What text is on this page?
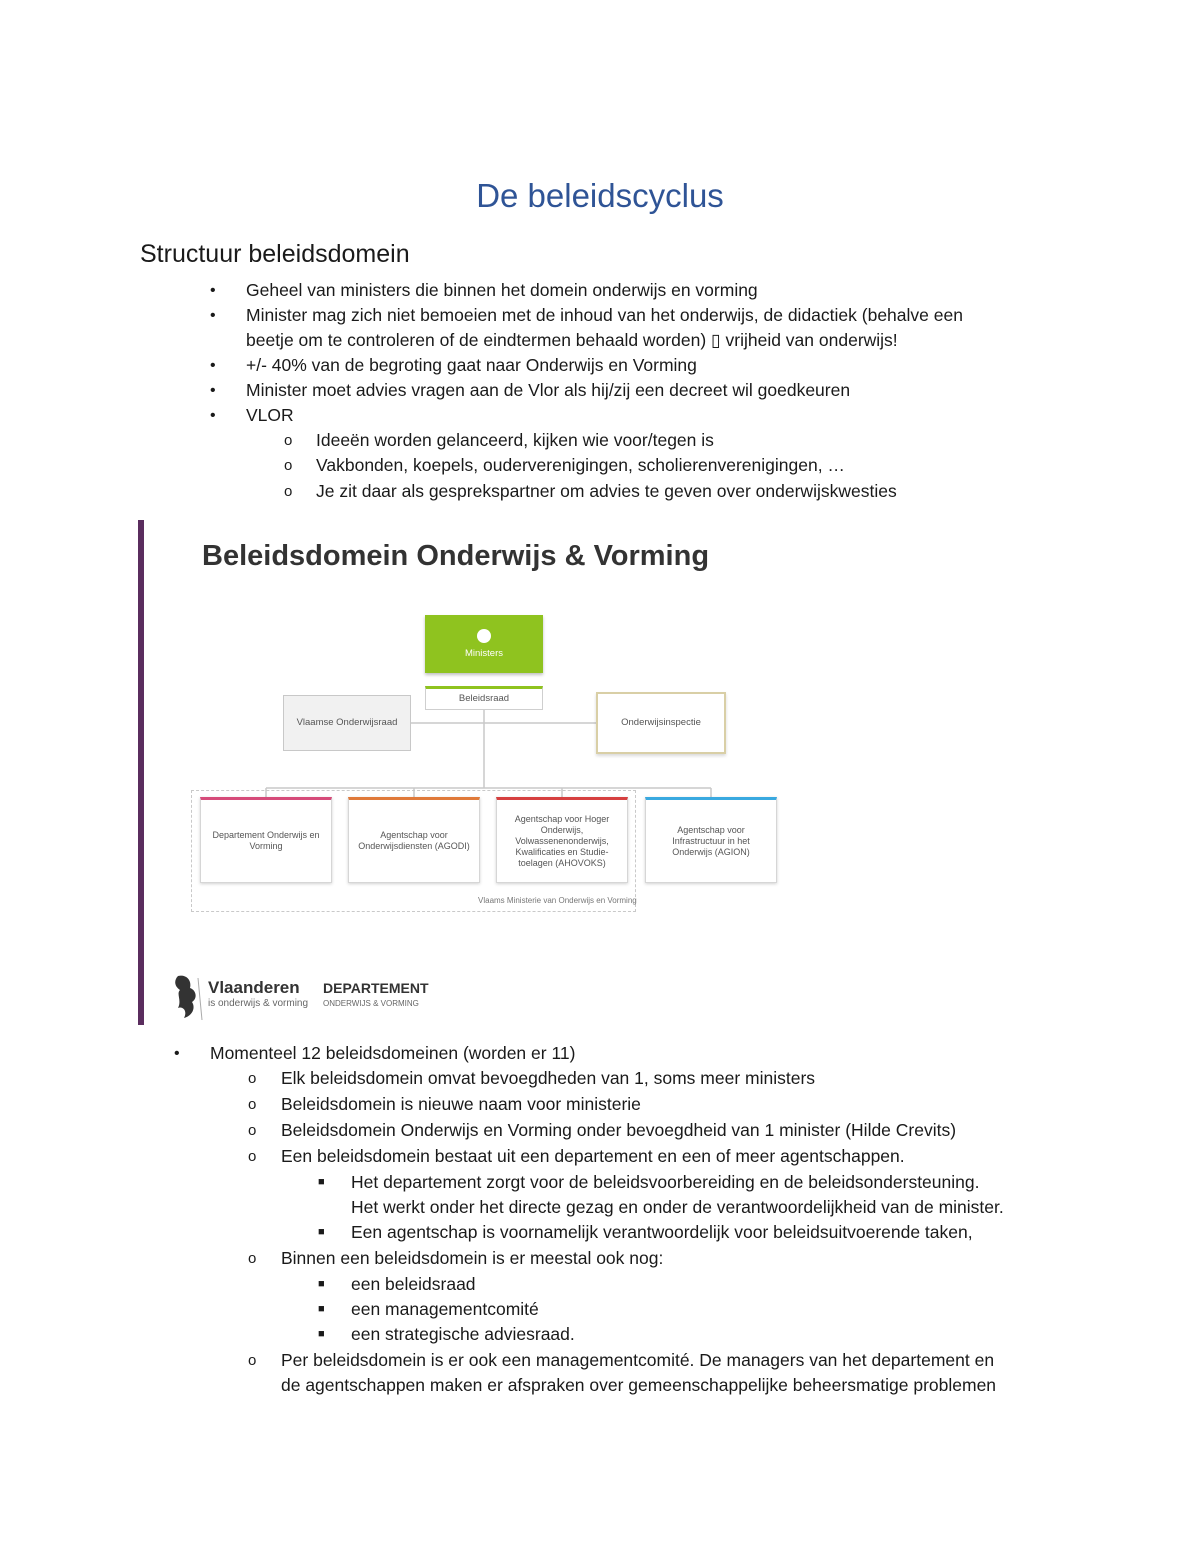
De beleidscyclus
Structuur beleidsdomein
• Geheel van ministers die binnen het domein onderwijs en vorming
• Minister mag zich niet bemoeien met de inhoud van het onderwijs, de didactiek (behalve een
beetje om te controleren of de eindtermen behaald worden) ▯ vrijheid van onderwijs!
• +/- 40% van de begroting gaat naar Onderwijs en Vorming
• Minister moet advies vragen aan de Vlor als hij/zij een decreet wil goedkeuren
• VLOR
o Ideeën worden gelanceerd, kijken wie voor/tegen is
o Vakbonden, koepels, ouderverenigingen, scholierenverenigingen, …
o Je zit daar als gesprekspartner om advies te geven over onderwijskwesties
Beleidsdomein Onderwijs & Vorming
Vlaams Ministerie van Onderwijs en Vorming
Ministers
Beleidsraad
Vlaamse Onderwijsraad	Onderwijsinspectie
Departement Onderwijs en Vorming
Agentschap voor Onderwijsdiensten (AGODI)
Agentschap voor Hoger Onderwijs, Volwassenenonderwijs, Kwalificaties en Studie-toelagen (AHOVOKS)
Agentschap voor Infrastructuur in het Onderwijs (AGION)
Vlaanderen
is onderwijs & vorming
DEPARTEMENT
ONDERWIJS & VORMING
• Momenteel 12 beleidsdomeinen (worden er 11)
o Elk beleidsdomein omvat bevoegdheden van 1, soms meer ministers
o Beleidsdomein is nieuwe naam voor ministerie
o Beleidsdomein Onderwijs en Vorming onder bevoegdheid van 1 minister (Hilde Crevits)
o Een beleidsdomein bestaat uit een departement en een of meer agentschappen.
■ Het departement zorgt voor de beleidsvoorbereiding en de beleidsondersteuning.
Het werkt onder het directe gezag en onder de verantwoordelijkheid van de minister.
■ Een agentschap is voornamelijk verantwoordelijk voor beleidsuitvoerende taken,
o Binnen een beleidsdomein is er meestal ook nog:
■ een beleidsraad
■ een managementcomité
■ een strategische adviesraad.
o Per beleidsdomein is er ook een managementcomité. De managers van het departement en
de agentschappen maken er afspraken over gemeenschappelijke beheersmatige problemen
